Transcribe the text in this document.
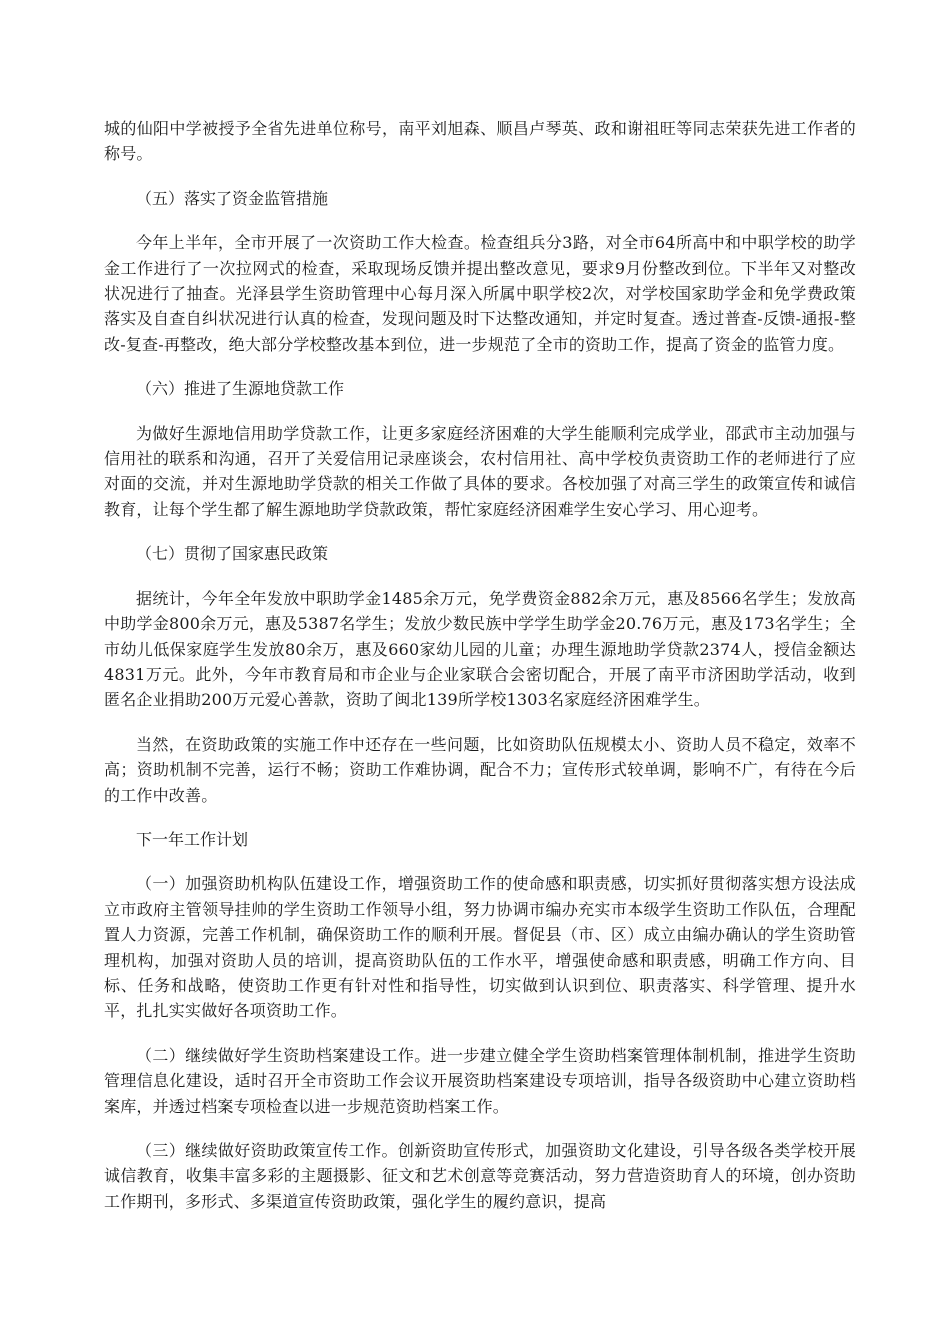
城的仙阳中学被授予全省先进单位称号，南平刘旭森、顺昌卢琴英、政和谢祖旺等同志荣获先进工作者的称号。

（五）落实了资金监管措施

今年上半年，全市开展了一次资助工作大检查。检查组兵分3路，对全市64所高中和中职学校的助学金工作进行了一次拉网式的检查，采取现场反馈并提出整改意见，要求9月份整改到位。下半年又对整改状况进行了抽查。光泽县学生资助管理中心每月深入所属中职学校2次，对学校国家助学金和免学费政策落实及自查自纠状况进行认真的检查，发现问题及时下达整改通知，并定时复查。透过普查-反馈-通报-整改-复查-再整改，绝大部分学校整改基本到位，进一步规范了全市的资助工作，提高了资金的监管力度。

（六）推进了生源地贷款工作

为做好生源地信用助学贷款工作，让更多家庭经济困难的大学生能顺利完成学业，邵武市主动加强与信用社的联系和沟通，召开了关爱信用记录座谈会，农村信用社、高中学校负责资助工作的老师进行了应对面的交流，并对生源地助学贷款的相关工作做了具体的要求。各校加强了对高三学生的政策宣传和诚信教育，让每个学生都了解生源地助学贷款政策，帮忙家庭经济困难学生安心学习、用心迎考。

（七）贯彻了国家惠民政策

据统计，今年全年发放中职助学金1485余万元，免学费资金882余万元，惠及8566名学生；发放高中助学金800余万元，惠及5387名学生；发放少数民族中学学生助学金20.76万元，惠及173名学生；全市幼儿低保家庭学生发放80余万，惠及660家幼儿园的儿童；办理生源地助学贷款2374人，授信金额达4831万元。此外，今年市教育局和市企业与企业家联合会密切配合，开展了南平市济困助学活动，收到匿名企业捐助200万元爱心善款，资助了闽北139所学校1303名家庭经济困难学生。

当然，在资助政策的实施工作中还存在一些问题，比如资助队伍规模太小、资助人员不稳定，效率不高；资助机制不完善，运行不畅；资助工作难协调，配合不力；宣传形式较单调，影响不广，有待在今后的工作中改善。

下一年工作计划

（一）加强资助机构队伍建设工作，增强资助工作的使命感和职责感，切实抓好贯彻落实想方设法成立市政府主管领导挂帅的学生资助工作领导小组，努力协调市编办充实市本级学生资助工作队伍，合理配置人力资源，完善工作机制，确保资助工作的顺利开展。督促县（市、区）成立由编办确认的学生资助管理机构，加强对资助人员的培训，提高资助队伍的工作水平，增强使命感和职责感，明确工作方向、目标、任务和战略，使资助工作更有针对性和指导性，切实做到认识到位、职责落实、科学管理、提升水平，扎扎实实做好各项资助工作。

（二）继续做好学生资助档案建设工作。进一步建立健全学生资助档案管理体制机制，推进学生资助管理信息化建设，适时召开全市资助工作会议开展资助档案建设专项培训，指导各级资助中心建立资助档案库，并透过档案专项检查以进一步规范资助档案工作。

（三）继续做好资助政策宣传工作。创新资助宣传形式，加强资助文化建设，引导各级各类学校开展诚信教育，收集丰富多彩的主题摄影、征文和艺术创意等竞赛活动，努力营造资助育人的环境，创办资助工作期刊，多形式、多渠道宣传资助政策，强化学生的履约意识，提高
